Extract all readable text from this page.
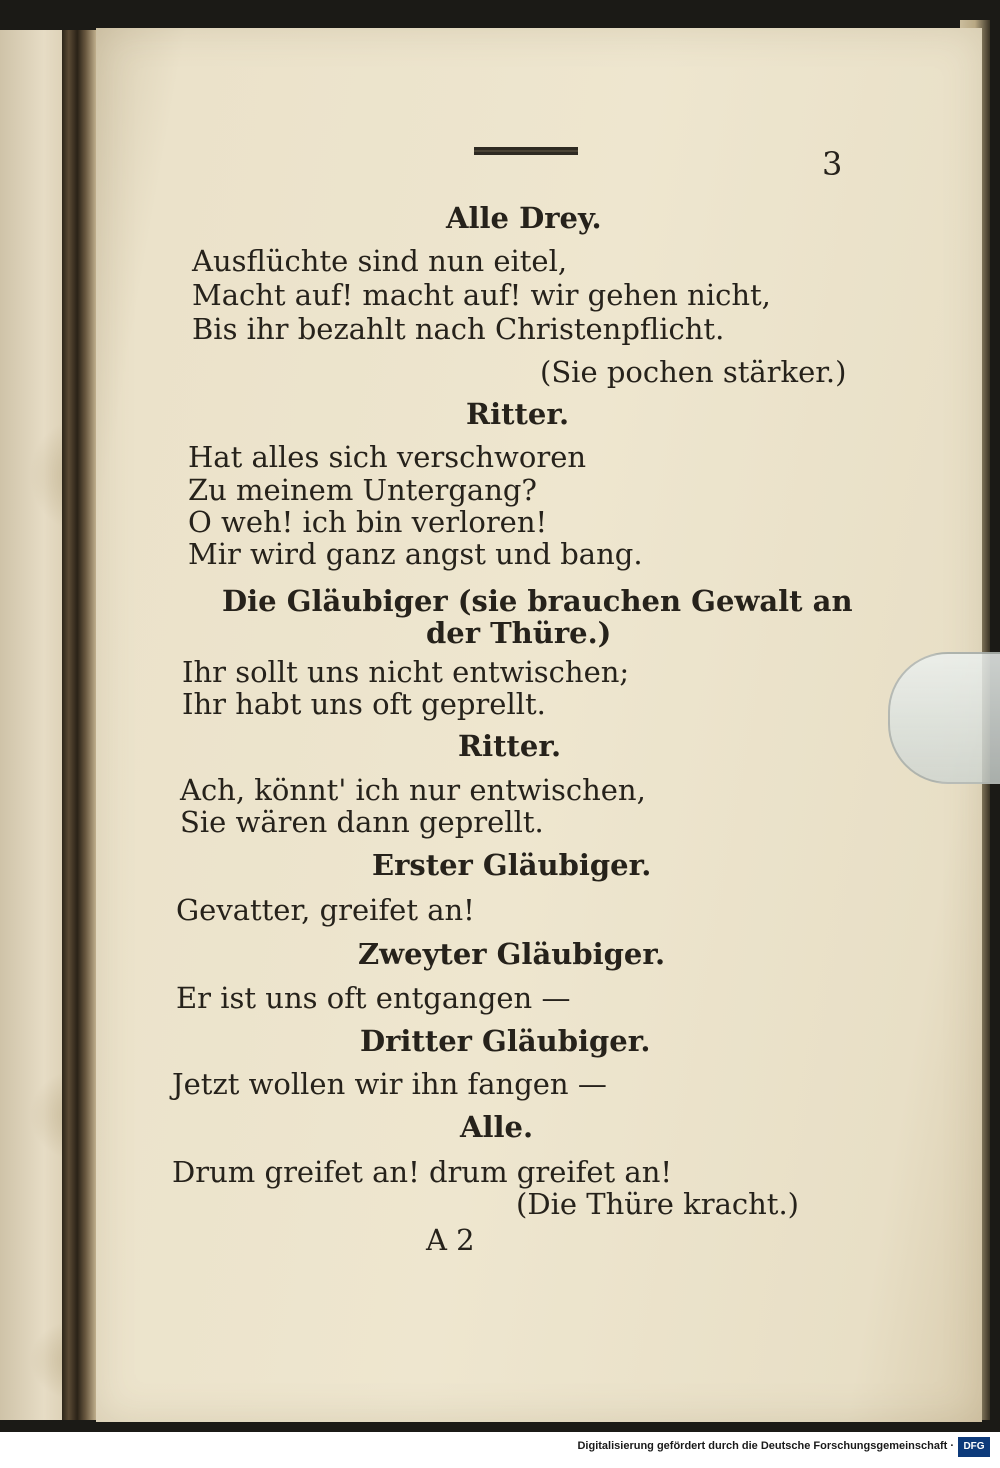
3

Alle Drey.

Ausflüchte sind nun eitel,

Macht auf! macht auf! wir gehen nicht,

Bis ihr bezahlt nach Christenpflicht.

(Sie pochen stärker.)

Ritter.

Hat alles sich verschworen

Zu meinem Untergang?

O weh! ich bin verloren!

Mir wird ganz angst und bang.

Die Gläubiger (sie brauchen Gewalt an

der Thüre.)

Ihr sollt uns nicht entwischen;

Ihr habt uns oft geprellt.

Ritter.

Ach, könnt' ich nur entwischen,

Sie wären dann geprellt.

Erster Gläubiger.

Gevatter, greifet an!

Zweyter Gläubiger.

Er ist uns oft entgangen —

Dritter Gläubiger.

Jetzt wollen wir ihn fangen —

Alle.

Drum greifet an! drum greifet an!

(Die Thüre kracht.)

A 2

Digitalisierung gefördert durch die Deutsche Forschungsgemeinschaft · DFG
